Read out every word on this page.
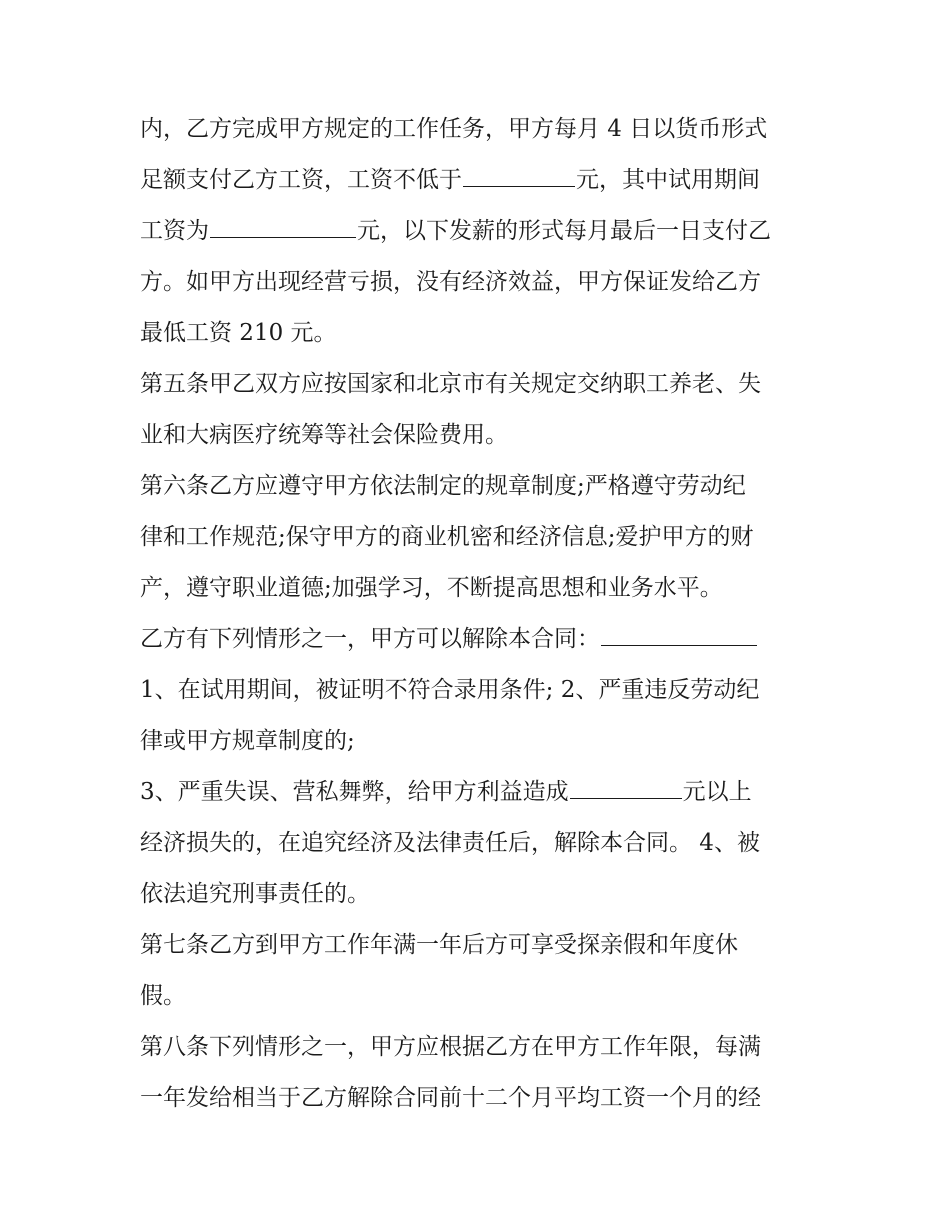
内，乙方完成甲方规定的工作任务，甲方每月 4 日以货币形式
足额支付乙方工资，工资不低于	元，其中试用期间
工资为	元，以下发薪的形式每月最后一日支付乙
方。如甲方出现经营亏损，没有经济效益，甲方保证发给乙方
最低工资 210 元。
第五条甲乙双方应按国家和北京市有关规定交纳职工养老、失
业和大病医疗统筹等社会保险费用。
第六条乙方应遵守甲方依法制定的规章制度;严格遵守劳动纪
律和工作规范;保守甲方的商业机密和经济信息;爱护甲方的财
产，遵守职业道德;加强学习，不断提高思想和业务水平。
乙方有下列情形之一，甲方可以解除本合同：
1、在试用期间，被证明不符合录用条件; 2、严重违反劳动纪
律或甲方规章制度的;
3、严重失误、营私舞弊，给甲方利益造成	元以上
经济损失的，在追究经济及法律责任后，解除本合同。 4、被
依法追究刑事责任的。
第七条乙方到甲方工作年满一年后方可享受探亲假和年度休
假。
第八条下列情形之一，甲方应根据乙方在甲方工作年限，每满
一年发给相当于乙方解除合同前十二个月平均工资一个月的经
